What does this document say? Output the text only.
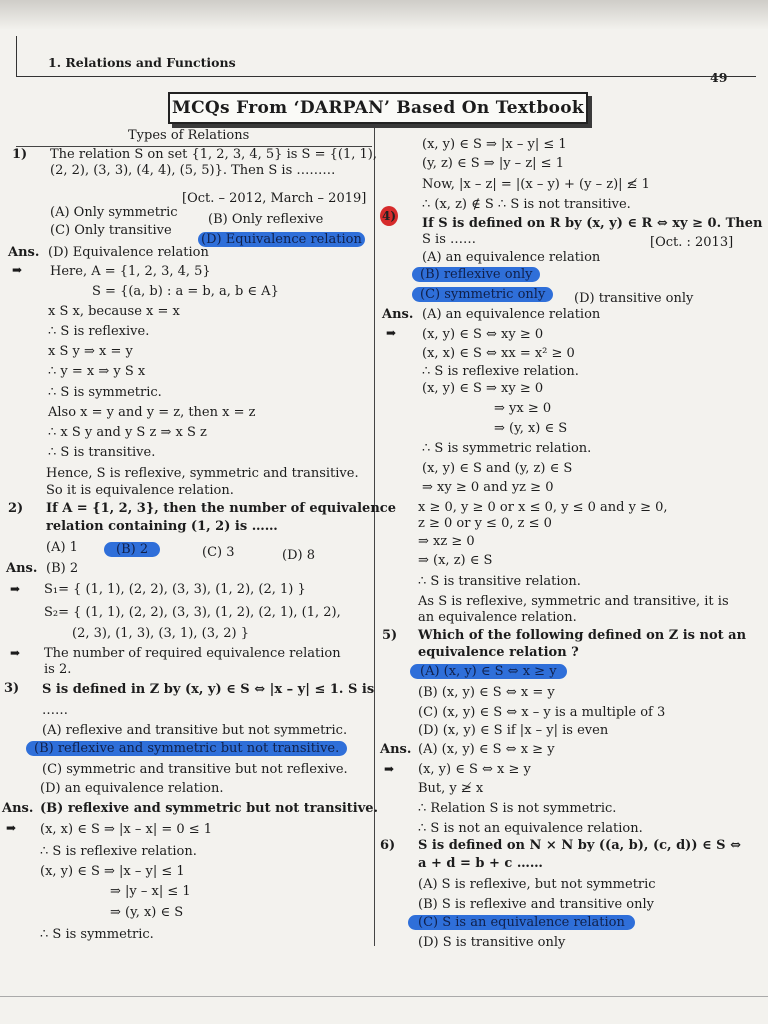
1. Relations and Functions
49
MCQs From ‘DARPAN’ Based On Textbook
Types of Relations
1) The relation S on set {1, 2, 3, 4, 5} is S = {(1, 1),
(2, 2), (3, 3), (4, 4), (5, 5)}. Then S is ………
[Oct. – 2012, March – 2019]
(A) Only symmetric (B) Only reflexive
(C) Only transitive
(D) Equivalence relation
Ans. (D) Equivalence relation
➡ Here, A = {1, 2, 3, 4, 5}
S = {(a, b) : a = b, a, b ∈ A}
x S x, because x = x
∴ S is reflexive.
x S y ⇒ x = y
∴ y = x ⇒ y S x
∴ S is symmetric.
Also x = y and y = z, then x = z
∴ x S y and y S z ⇒ x S z
∴ S is transitive.
Hence, S is reflexive, symmetric and transitive.
So it is equivalence relation.
2) If A = {1, 2, 3}, then the number of equivalence
relation containing (1, 2) is ……
(A) 1	(B) 2	(C) 3	(D) 8
Ans. (B) 2
➡ S₁= { (1, 1), (2, 2), (3, 3), (1, 2), (2, 1) }
S₂= { (1, 1), (2, 2), (3, 3), (1, 2), (2, 1), (1, 2),
(2, 3), (1, 3), (3, 1), (3, 2) }
➡ The number of required equivalence relation
is 2.
3) S is defined in Z by (x, y) ∈ S ⇔ |x – y| ≤ 1. S is
……
(A) reflexive and transitive but not symmetric.
(B) reflexive and symmetric but not transitive.
(C) symmetric and transitive but not reflexive.
(D) an equivalence relation.
Ans. (B) reflexive and symmetric but not transitive.
➡ (x, x) ∈ S ⇒ |x – x| = 0 ≤ 1
∴ S is reflexive relation.
(x, y) ∈ S ⇒ |x – y| ≤ 1
⇒ |y – x| ≤ 1
⇒ (y, x) ∈ S
∴ S is symmetric.
(x, y) ∈ S ⇒ |x – y| ≤ 1
(y, z) ∈ S ⇒ |y – z| ≤ 1
Now, |x – z| = |(x – y) + (y – z)| ≰ 1
∴ (x, z) ∉ S ∴ S is not transitive.
4) If S is defined on R by (x, y) ∈ R ⇔ xy ≥ 0. Then
S is ……	[Oct. : 2013]
(A) an equivalence relation
(B) reflexive only
(C) symmetric only	(D) transitive only
Ans. (A) an equivalence relation
➡ (x, y) ∈ S ⇔ xy ≥ 0
(x, x) ∈ S ⇔ xx = x² ≥ 0
∴ S is reflexive relation.
(x, y) ∈ S ⇒ xy ≥ 0
⇒ yx ≥ 0
⇒ (y, x) ∈ S
∴ S is symmetric relation.
(x, y) ∈ S and (y, z) ∈ S
⇒ xy ≥ 0 and yz ≥ 0
x ≥ 0, y ≥ 0 or x ≤ 0, y ≤ 0 and y ≥ 0,
z ≥ 0 or y ≤ 0, z ≤ 0
⇒ xz ≥ 0
⇒ (x, z) ∈ S
∴ S is transitive relation.
As S is reflexive, symmetric and transitive, it is
an equivalence relation.
5) Which of the following defined on Z is not an
equivalence relation ?
(A) (x, y) ∈ S ⇔ x ≥ y
(B) (x, y) ∈ S ⇔ x = y
(C) (x, y) ∈ S ⇔ x – y is a multiple of 3
(D) (x, y) ∈ S if |x – y| is even
Ans. (A) (x, y) ∈ S ⇔ x ≥ y
➡ (x, y) ∈ S ⇔ x ≥ y
But, y ≱ x
∴ Relation S is not symmetric.
∴ S is not an equivalence relation.
6) S is defined on N × N by ((a, b), (c, d)) ∈ S ⇔
a + d = b + c ……
(A) S is reflexive, but not symmetric
(B) S is reflexive and transitive only
(C) S is an equivalence relation
(D) S is transitive only
